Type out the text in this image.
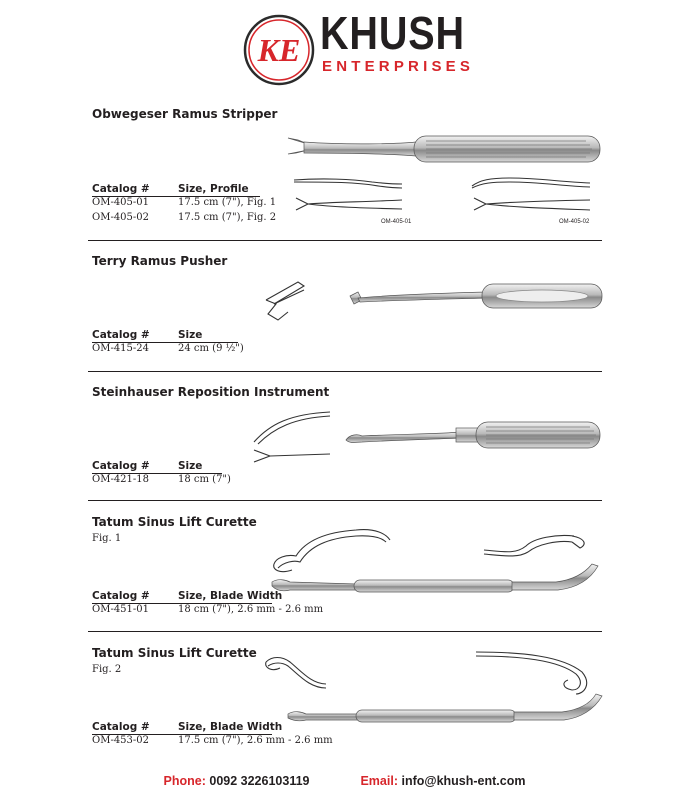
KE KHUSH
ENTERPRISES
Obwegeser Ramus Stripper
OM-405-01	OM-405-02
Catalog #	Size, Profile
OM-405-01	17.5 cm (7"), Fig. 1
OM-405-02	17.5 cm (7"), Fig. 2
Terry Ramus Pusher
Catalog #	Size
OM-415-24	24 cm (9 ½")
Steinhauser Reposition Instrument
Catalog #	Size
OM-421-18	18 cm (7")
Tatum Sinus Lift Curette
Fig. 1
Catalog #	Size, Blade Width
OM-451-01	18 cm (7"), 2.6 mm - 2.6 mm
Tatum Sinus Lift Curette
Fig. 2
Catalog #	Size, Blade Width
OM-453-02	17.5 cm (7"), 2.6 mm - 2.6 mm
Phone: 0092 3226103119	Email: info@khush-ent.com
